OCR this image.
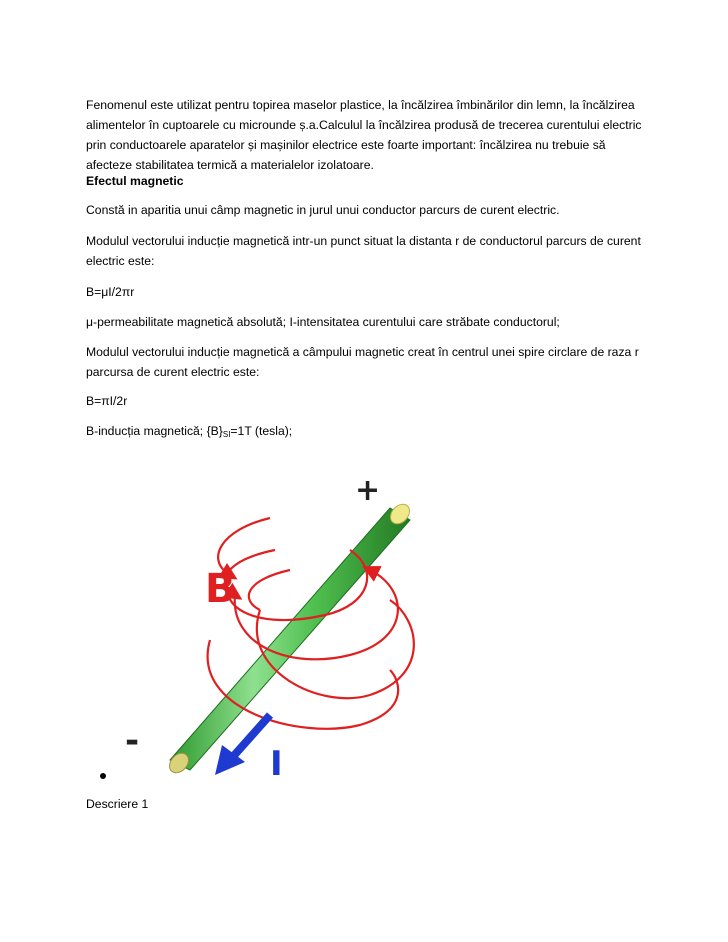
Fenomenul este utilizat pentru topirea maselor plastice, la încălzirea îmbinărilor din lemn, la încălzirea alimentelor în cuptoarele cu microunde ș.a.Calculul la încălzirea produsă de trecerea curentului electric prin conductoarele aparatelor și mașinilor electrice este foarte important: încălzirea nu trebuie să afecteze stabilitatea termică a materialelor izolatoare.

Efectul magnetic

Constă in aparitia unui câmp magnetic in jurul unui conductor parcurs de curent electric.

Modulul vectorului inducție magnetică intr-un punct situat la distanta r de conductorul parcurs de curent electric este:

B=μI/2πr

μ-permeabilitate magnetică absolută; I-intensitatea curentului care străbate conductorul;

Modulul vectorului inducție magnetică a câmpului magnetic creat în centrul unei spire circlare de raza r parcursa de curent electric este:

B=πI/2r

B-inducția magnetică; $\{B\}_{SI}=1T$ (tesla);

+
-
B
I
Descriere 1
